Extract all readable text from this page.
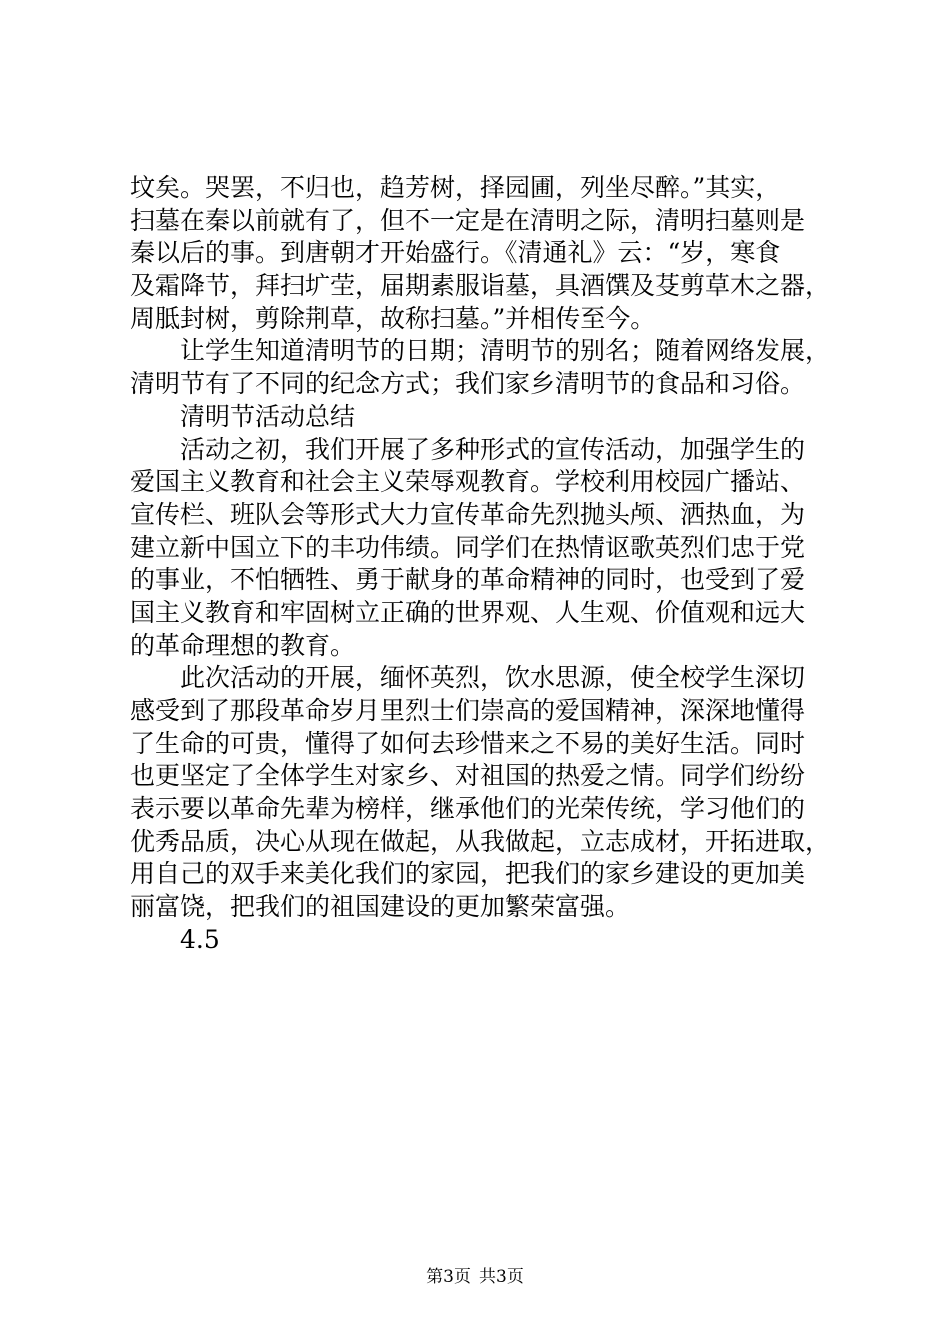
坟矣。哭罢，不归也，趋芳树，择园圃，列坐尽醉。”其实，
扫墓在秦以前就有了，但不一定是在清明之际，清明扫墓则是
秦以后的事。到唐朝才开始盛行。《清通礼》云：“岁，寒食
及霜降节，拜扫圹茔，届期素服诣墓，具酒馔及芟剪草木之器，
周胝封树，剪除荆草，故称扫墓。”并相传至今。
让学生知道清明节的日期；清明节的别名；随着网络发展，
清明节有了不同的纪念方式；我们家乡清明节的食品和习俗。
清明节活动总结
活动之初，我们开展了多种形式的宣传活动，加强学生的
爱国主义教育和社会主义荣辱观教育。学校利用校园广播站、
宣传栏、班队会等形式大力宣传革命先烈抛头颅、洒热血，为
建立新中国立下的丰功伟绩。同学们在热情讴歌英烈们忠于党
的事业，不怕牺牲、勇于献身的革命精神的同时，也受到了爱
国主义教育和牢固树立正确的世界观、人生观、价值观和远大
的革命理想的教育。
此次活动的开展，缅怀英烈，饮水思源，使全校学生深切
感受到了那段革命岁月里烈士们崇高的爱国精神，深深地懂得
了生命的可贵，懂得了如何去珍惜来之不易的美好生活。同时
也更坚定了全体学生对家乡、对祖国的热爱之情。同学们纷纷
表示要以革命先辈为榜样，继承他们的光荣传统，学习他们的
优秀品质，决心从现在做起，从我做起，立志成材，开拓进取，
用自己的双手来美化我们的家园，把我们的家乡建设的更加美
丽富饶，把我们的祖国建设的更加繁荣富强。
4.5
第3页 共3页
